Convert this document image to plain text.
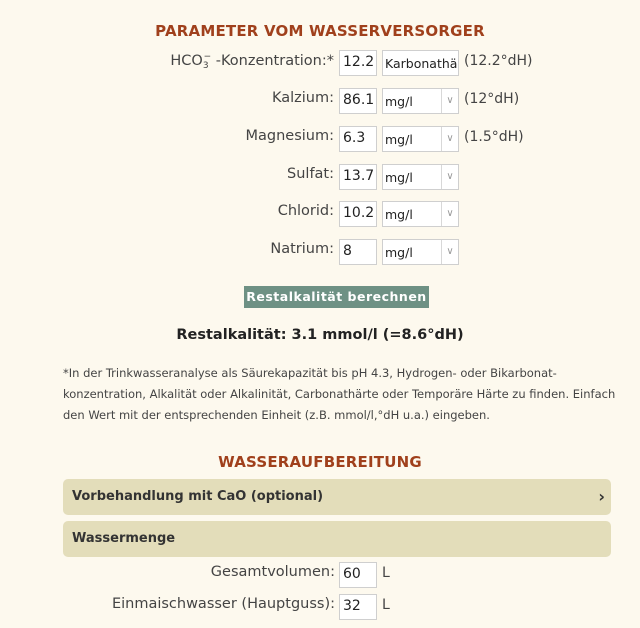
PARAMETER VOM WASSERVERSORGER
$HCO_3^-$ -Konzentration:* 12.2 Karbonathä (12.2°dH)
Kalzium: 86.1 mg/l	∨ (12°dH)
Magnesium: 6.3	mg/l	∨ (1.5°dH)
Sulfat: 13.7 mg/l	∨
Chlorid: 10.2 mg/l	∨
Natrium: 8	mg/l	∨
Restalkalität berechnen
Restalkalität: 3.1 mmol/l (=8.6°dH)
*In der Trinkwasseranalyse als Säurekapazität bis pH 4.3, Hydrogen- oder Bikarbonat-konzentration, Alkalität oder Alkalinität, Carbonathärte oder Temporäre Härte zu finden. Einfach den Wert mit der entsprechenden Einheit (z.B. mmol/l,°dH u.a.) eingeben.
WASSERAUFBEREITUNG
Vorbehandlung mit CaO (optional)	›
Wassermenge
Gesamtvolumen: 60	L
Einmaischwasser (Hauptguss): 32	L
